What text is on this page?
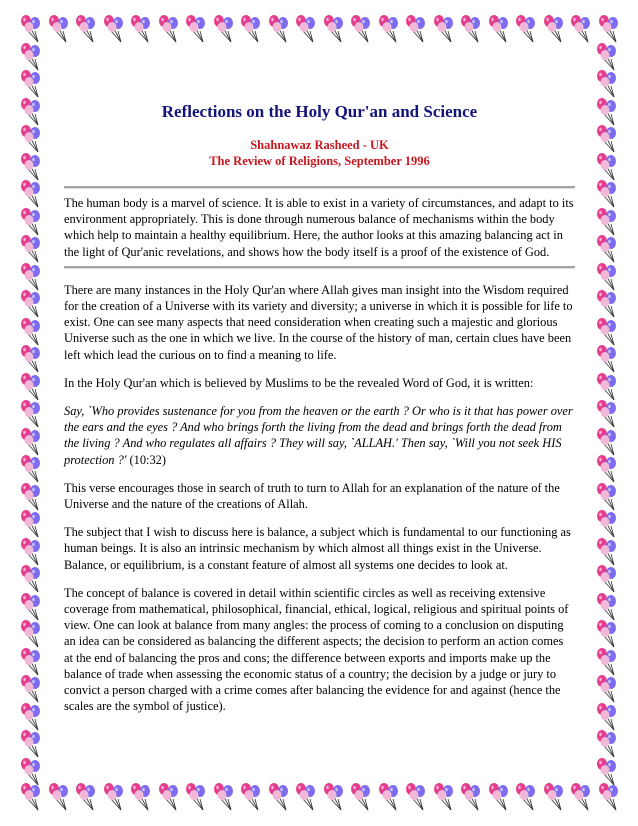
Reflections on the Holy Qur'an and Science
Shahnawaz Rasheed - UK
The Review of Religions, September 1996

The human body is a marvel of science. It is able to exist in a variety of circumstances, and adapt to its environment appropriately. This is done through numerous balance of mechanisms within the body which help to maintain a healthy equilibrium. Here, the author looks at this amazing balancing act in the light of Qur'anic revelations, and shows how the body itself is a proof of the existence of God.

There are many instances in the Holy Qur'an where Allah gives man insight into the Wisdom required for the creation of a Universe with its variety and diversity; a universe in which it is possible for life to exist. One can see many aspects that need consideration when creating such a majestic and glorious Universe such as the one in which we live. In the course of the history of man, certain clues have been left which lead the curious on to find a meaning to life.

In the Holy Qur'an which is believed by Muslims to be the revealed Word of God, it is written:

Say, `Who provides sustenance for you from the heaven or the earth ? Or who is it that has power over the ears and the eyes ? And who brings forth the living from the dead and brings forth the dead from the living ? And who regulates all affairs ? They will say, `ALLAH.' Then say, `Will you not seek HIS protection ?' (10:32)

This verse encourages those in search of truth to turn to Allah for an explanation of the nature of the Universe and the nature of the creations of Allah.

The subject that I wish to discuss here is balance, a subject which is fundamental to our functioning as human beings. It is also an intrinsic mechanism by which almost all things exist in the Universe. Balance, or equilibrium, is a constant feature of almost all systems one decides to look at.

The concept of balance is covered in detail within scientific circles as well as receiving extensive coverage from mathematical, philosophical, financial, ethical, logical, religious and spiritual points of view. One can look at balance from many angles: the process of coming to a conclusion on disputing an idea can be considered as balancing the different aspects; the decision to perform an action comes at the end of balancing the pros and cons; the difference between exports and imports make up the balance of trade when assessing the economic status of a country; the decision by a judge or jury to convict a person charged with a crime comes after balancing the evidence for and against (hence the scales are the symbol of justice).
